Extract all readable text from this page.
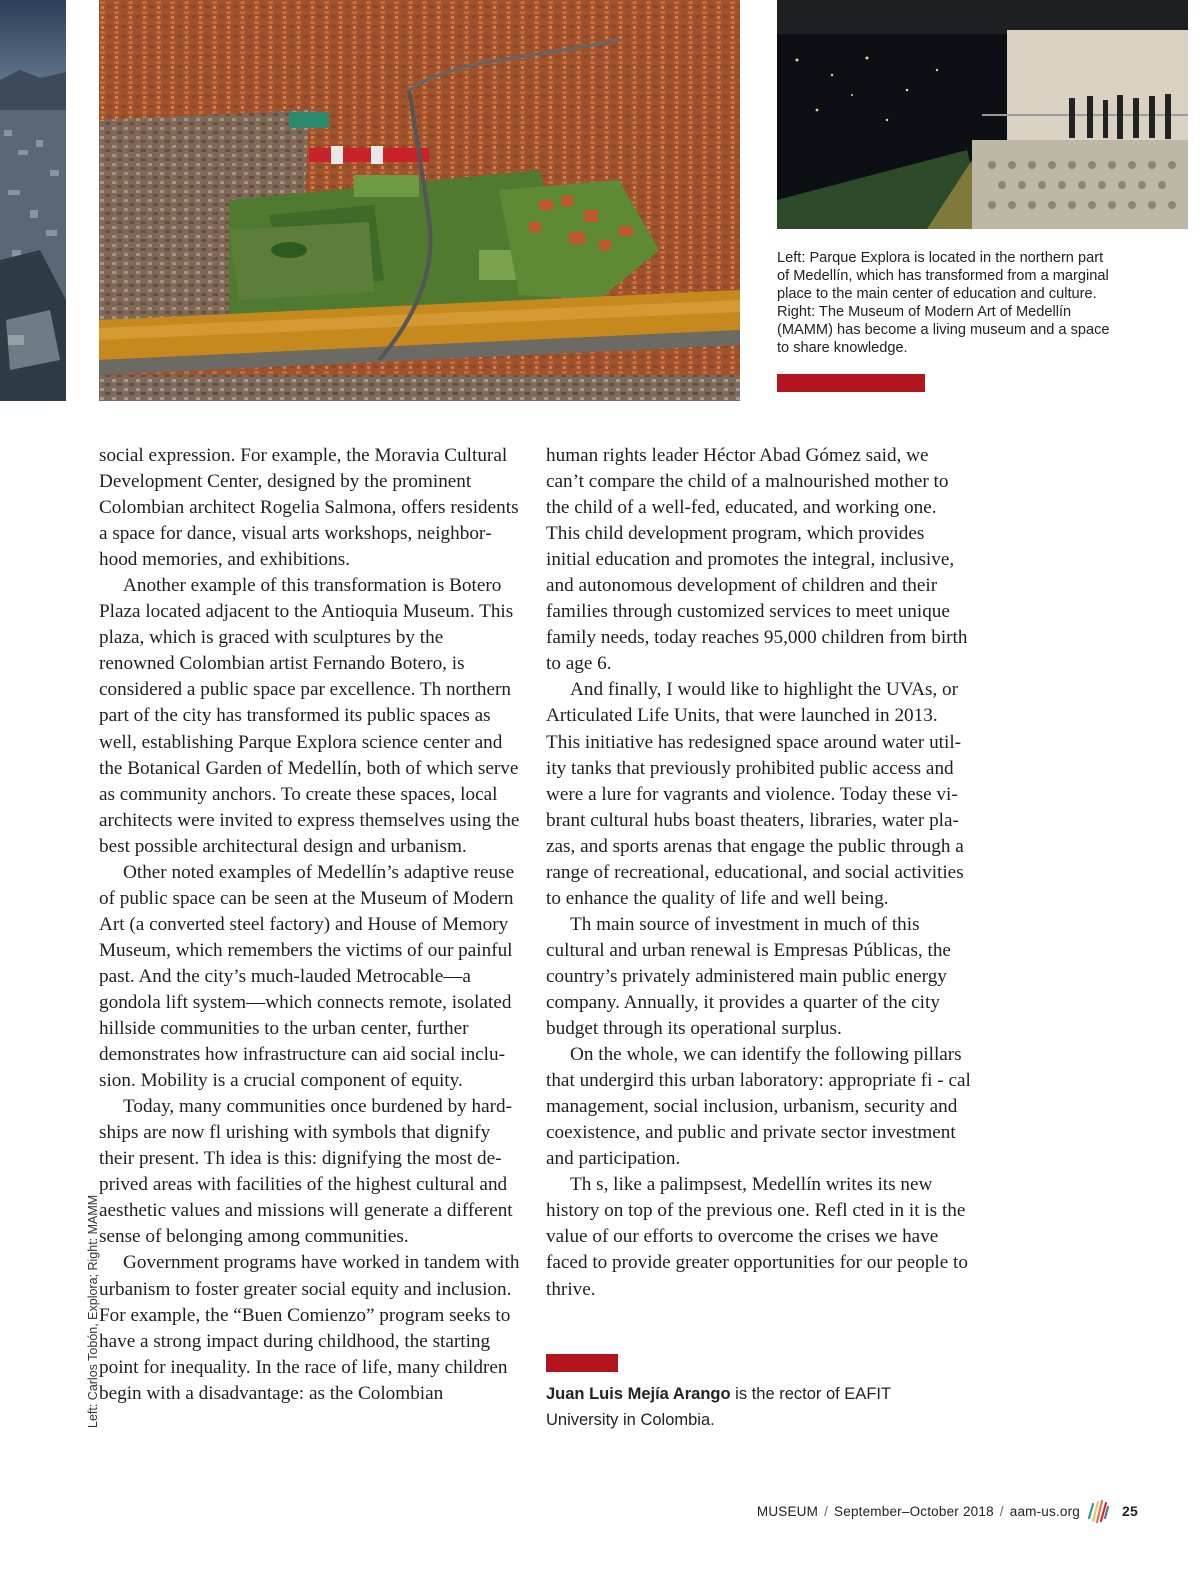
Left: Parque Explora is located in the northern part of Medellín, which has transformed from a marginal place to the main center of education and culture. Right: The Museum of Modern Art of Medellín (MAMM) has become a living museum and a space to share knowledge.

Left: Carlos Tobón, Explora; Right: MAMM

social expression. For example, the Moravia Cultural Development Center, designed by the prominent Colombian architect Rogelia Salmona, offers residents a space for dance, visual arts workshops, neighborhood memories, and exhibitions.

Another example of this transformation is Botero Plaza located adjacent to the Antioquia Museum. This plaza, which is graced with sculptures by the renowned Colombian artist Fernando Botero, is considered a public space par excellence. Th northern part of the city has transformed its public spaces as well, establishing Parque Explora science center and the Botanical Garden of Medellín, both of which serve as community anchors. To create these spaces, local architects were invited to express themselves using the best possible architectural design and urbanism.

Other noted examples of Medellín’s adaptive reuse of public space can be seen at the Museum of Modern Art (a converted steel factory) and House of Memory Museum, which remembers the victims of our painful past. And the city’s much-lauded Metrocable—a gondola lift system—which connects remote, isolated hillside communities to the urban center, further demonstrates how infrastructure can aid social inclusion. Mobility is a crucial component of equity.

Today, many communities once burdened by hardships are now fl urishing with symbols that dignify their present. Th idea is this: dignifying the most deprived areas with facilities of the highest cultural and aesthetic values and missions will generate a different sense of belonging among communities.

Government programs have worked in tandem with urbanism to foster greater social equity and inclusion. For example, the “Buen Comienzo” program seeks to have a strong impact during childhood, the starting point for inequality. In the race of life, many children begin with a disadvantage: as the Colombian

human rights leader Héctor Abad Gómez said, we can’t compare the child of a malnourished mother to the child of a well-fed, educated, and working one. This child development program, which provides initial education and promotes the integral, inclusive, and autonomous development of children and their families through customized services to meet unique family needs, today reaches 95,000 children from birth to age 6.

And finally, I would like to highlight the UVAs, or Articulated Life Units, that were launched in 2013. This initiative has redesigned space around water utility tanks that previously prohibited public access and were a lure for vagrants and violence. Today these vibrant cultural hubs boast theaters, libraries, water plazas, and sports arenas that engage the public through a range of recreational, educational, and social activities to enhance the quality of life and well being.

Th main source of investment in much of this cultural and urban renewal is Empresas Públicas, the country’s privately administered main public energy company. Annually, it provides a quarter of the city budget through its operational surplus.

On the whole, we can identify the following pillars that undergird this urban laboratory: appropriate fi - cal management, social inclusion, urbanism, security and coexistence, and public and private sector investment and participation.

Th s, like a palimpsest, Medellín writes its new history on top of the previous one. Refl cted in it is the value of our efforts to overcome the crises we have faced to provide greater opportunities for our people to thrive.

Juan Luis Mejía Arango is the rector of EAFIT University in Colombia.

MUSEUM / September–October 2018 / aam-us.org	25
